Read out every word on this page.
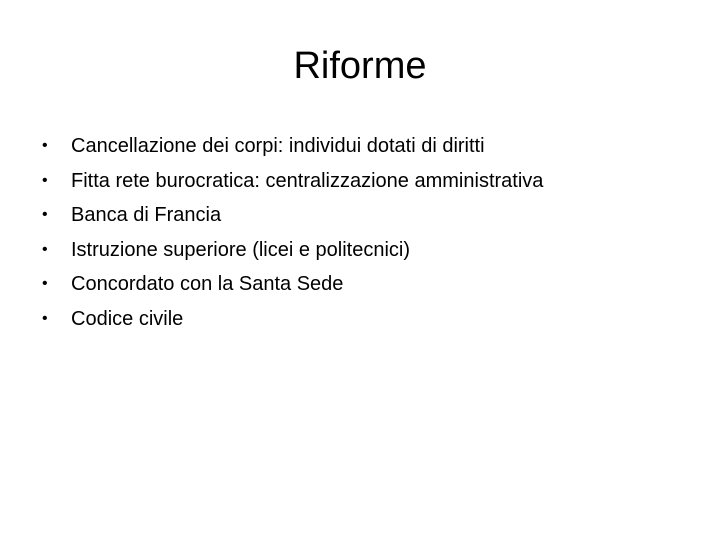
Riforme
•	Cancellazione dei corpi: individui dotati di diritti
•	Fitta rete burocratica: centralizzazione amministrativa
•	Banca di Francia
•	Istruzione superiore (licei e politecnici)
•	Concordato con la Santa Sede
•	Codice civile
